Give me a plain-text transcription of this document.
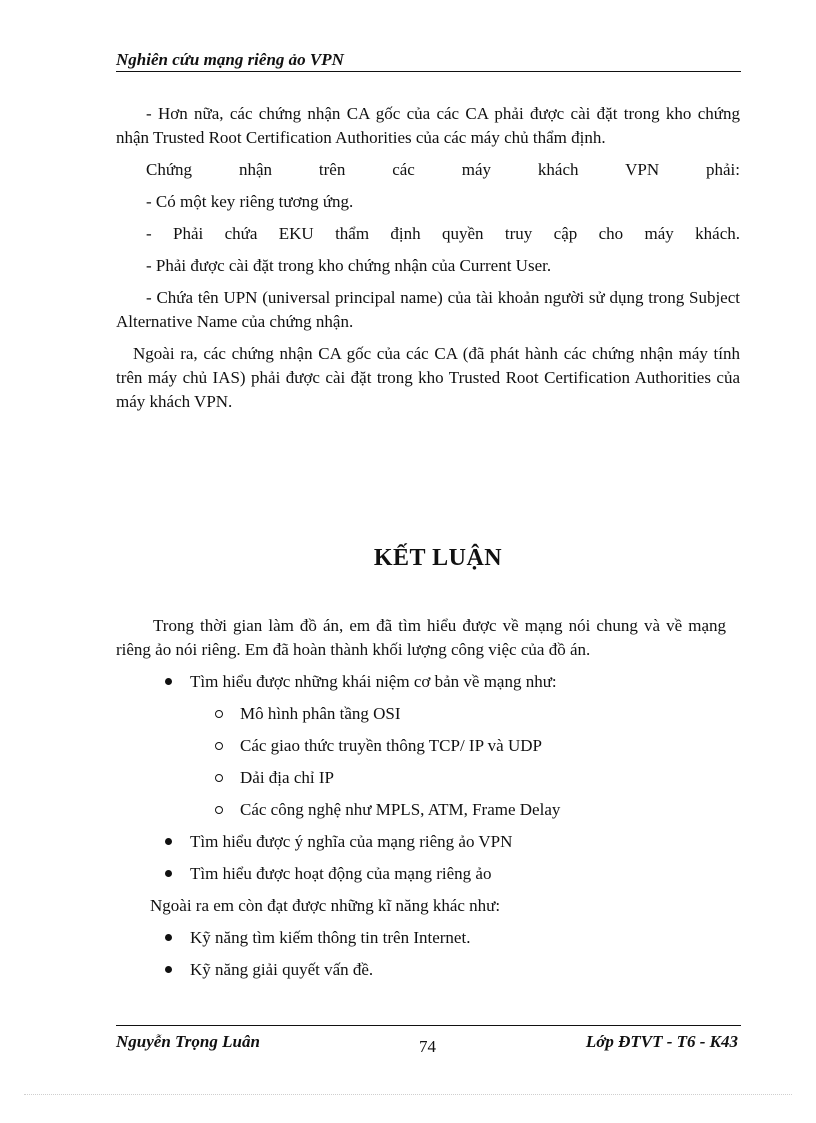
Nghiên cứu mạng riêng ảo VPN

- Hơn nữa, các chứng nhận CA gốc của các CA phải được cài đặt trong kho chứng nhận Trusted Root Certification Authorities của các máy chủ thẩm định.

Chứng nhận trên các máy khách VPN phải:

- Có một key riêng tương ứng.

- Phải chứa EKU thẩm định quyền truy cập cho máy khách.

- Phải được cài đặt trong kho chứng nhận của Current User.

- Chứa tên UPN (universal principal name) của tài khoản người sử dụng trong Subject Alternative Name của chứng nhận.

Ngoài ra, các chứng nhận CA gốc của các CA (đã phát hành các chứng nhận máy tính trên máy chủ IAS) phải được cài đặt trong kho Trusted Root Certification Authorities của máy khách VPN.

KẾT LUẬN

Trong thời gian làm đồ án, em đã tìm hiểu được về mạng nói chung và về mạng riêng ảo nói riêng. Em đã hoàn thành khối lượng công việc của đồ án.

Tìm hiểu được những khái niệm cơ bản về mạng như:
Mô hình phân tầng OSI
Các giao thức truyền thông TCP/ IP và UDP
Dải địa chỉ IP
Các công nghệ như MPLS, ATM, Frame Delay
Tìm hiểu được ý nghĩa của mạng riêng ảo VPN
Tìm hiểu được hoạt động của mạng riêng ảo

Ngoài ra em còn đạt được những kĩ năng khác như:

Kỹ năng tìm kiếm thông tin trên Internet.
Kỹ năng giải quyết vấn đề.
Nguyễn Trọng Luân	74	Lớp ĐTVT - T6 - K43
